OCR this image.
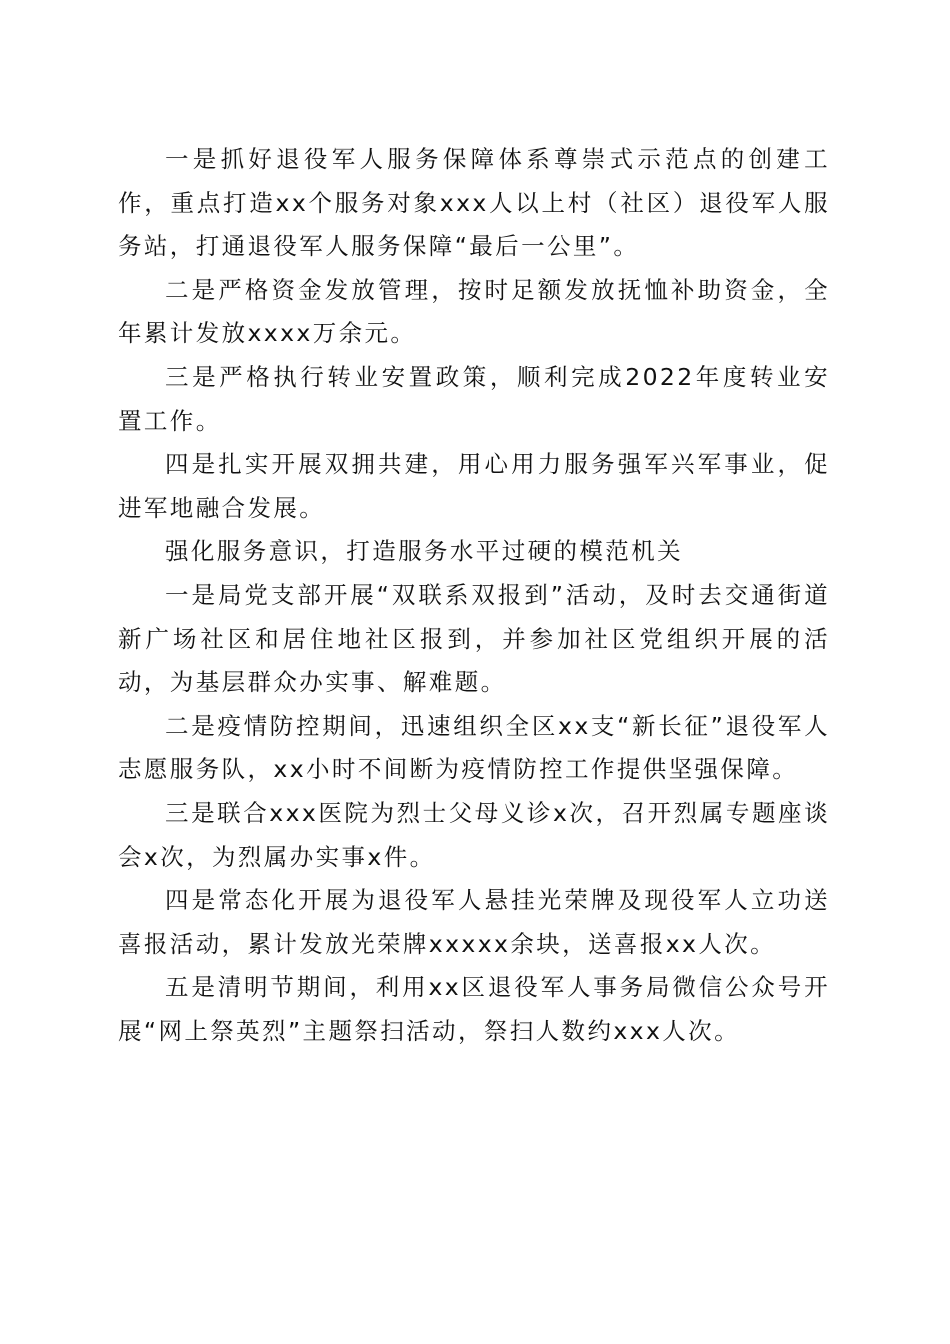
一是抓好退役军人服务保障体系尊崇式示范点的创建工作，重点打造xx个服务对象xxx人以上村（社区）退役军人服务站，打通退役军人服务保障“最后一公里”。

二是严格资金发放管理，按时足额发放抚恤补助资金，全年累计发放xxxx万余元。

三是严格执行转业安置政策，顺利完成2022年度转业安置工作。

四是扎实开展双拥共建，用心用力服务强军兴军事业，促进军地融合发展。

强化服务意识，打造服务水平过硬的模范机关

一是局党支部开展“双联系双报到”活动，及时去交通街道新广场社区和居住地社区报到，并参加社区党组织开展的活动，为基层群众办实事、解难题。

二是疫情防控期间，迅速组织全区xx支“新长征”退役军人志愿服务队，xx小时不间断为疫情防控工作提供坚强保障。

三是联合xxx医院为烈士父母义诊x次，召开烈属专题座谈会x次，为烈属办实事x件。

四是常态化开展为退役军人悬挂光荣牌及现役军人立功送喜报活动，累计发放光荣牌xxxxx余块，送喜报xx人次。

五是清明节期间，利用xx区退役军人事务局微信公众号开展“网上祭英烈”主题祭扫活动，祭扫人数约xxx人次。
